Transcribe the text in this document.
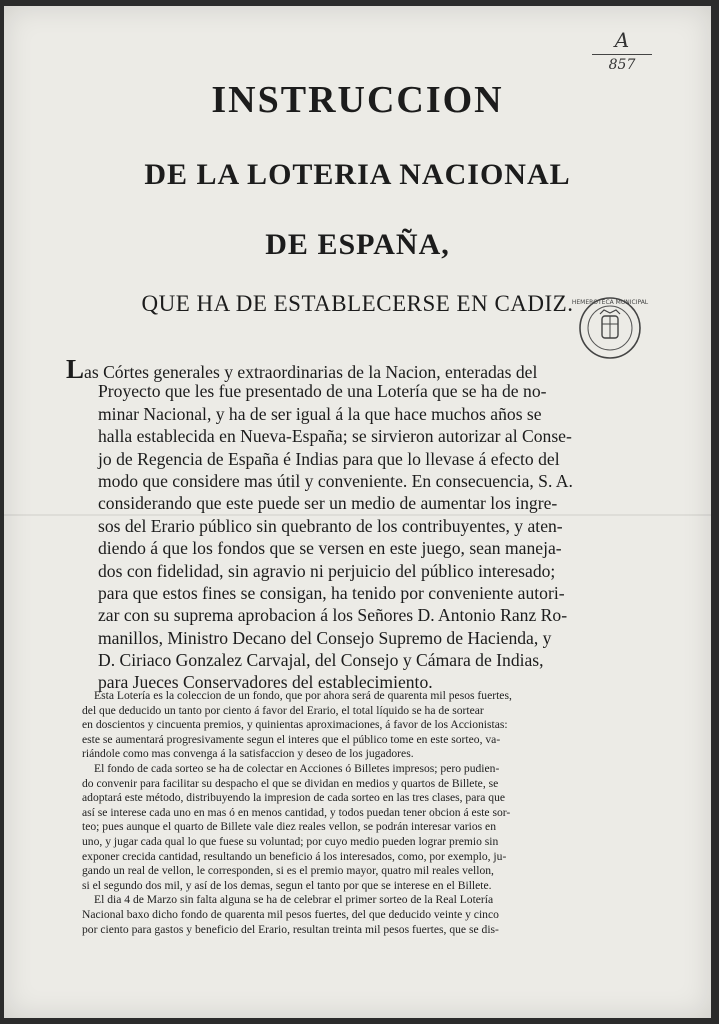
A
857
INSTRUCCION
DE LA LOTERIA NACIONAL
DE ESPAÑA,
QUE HA DE ESTABLECERSE EN CADIZ.
HEMEROTECA MUNICIPAL
Las Córtes generales y extraordinarias de la Nacion, enteradas del
Proyecto que les fue presentado de una Lotería que se ha de no-
minar Nacional, y ha de ser igual á la que hace muchos años se
halla establecida en Nueva-España; se sirvieron autorizar al Conse-
jo de Regencia de España é Indias para que lo llevase á efecto del
modo que considere mas útil y conveniente. En consecuencia, S. A.
considerando que este puede ser un medio de aumentar los ingre-
sos del Erario público sin quebranto de los contribuyentes, y aten-
diendo á que los fondos que se versen en este juego, sean maneja-
dos con fidelidad, sin agravio ni perjuicio del público interesado;
para que estos fines se consigan, ha tenido por conveniente autori-
zar con su suprema aprobacion á los Señores D. Antonio Ranz Ro-
manillos, Ministro Decano del Consejo Supremo de Hacienda, y
D. Ciriaco Gonzalez Carvajal, del Consejo y Cámara de Indias,
para Jueces Conservadores del establecimiento.
Esta Lotería es la coleccion de un fondo, que por ahora será de quarenta mil pesos fuertes,
del que deducido un tanto por ciento á favor del Erario, el total líquido se ha de sortear
en doscientos y cincuenta premios, y quinientas aproximaciones, á favor de los Accionistas:
este se aumentará progresivamente segun el interes que el público tome en este sorteo, va-
riándole como mas convenga á la satisfaccion y deseo de los jugadores.
El fondo de cada sorteo se ha de colectar en Acciones ó Billetes impresos; pero pudien-
do convenir para facilitar su despacho el que se dividan en medios y quartos de Billete, se
adoptará este método, distribuyendo la impresion de cada sorteo en las tres clases, para que
así se interese cada uno en mas ó en menos cantidad, y todos puedan tener obcion á este sor-
teo; pues aunque el quarto de Billete vale diez reales vellon, se podrán interesar varios en
uno, y jugar cada qual lo que fuese su voluntad; por cuyo medio pueden lograr premio sin
exponer crecida cantidad, resultando un beneficio á los interesados, como, por exemplo, ju-
gando un real de vellon, le corresponden, si es el premio mayor, quatro mil reales vellon,
si el segundo dos mil, y así de los demas, segun el tanto por que se interese en el Billete.
El dia 4 de Marzo sin falta alguna se ha de celebrar el primer sorteo de la Real Lotería
Nacional baxo dicho fondo de quarenta mil pesos fuertes, del que deducido veinte y cinco
por ciento para gastos y beneficio del Erario, resultan treinta mil pesos fuertes, que se dis-
